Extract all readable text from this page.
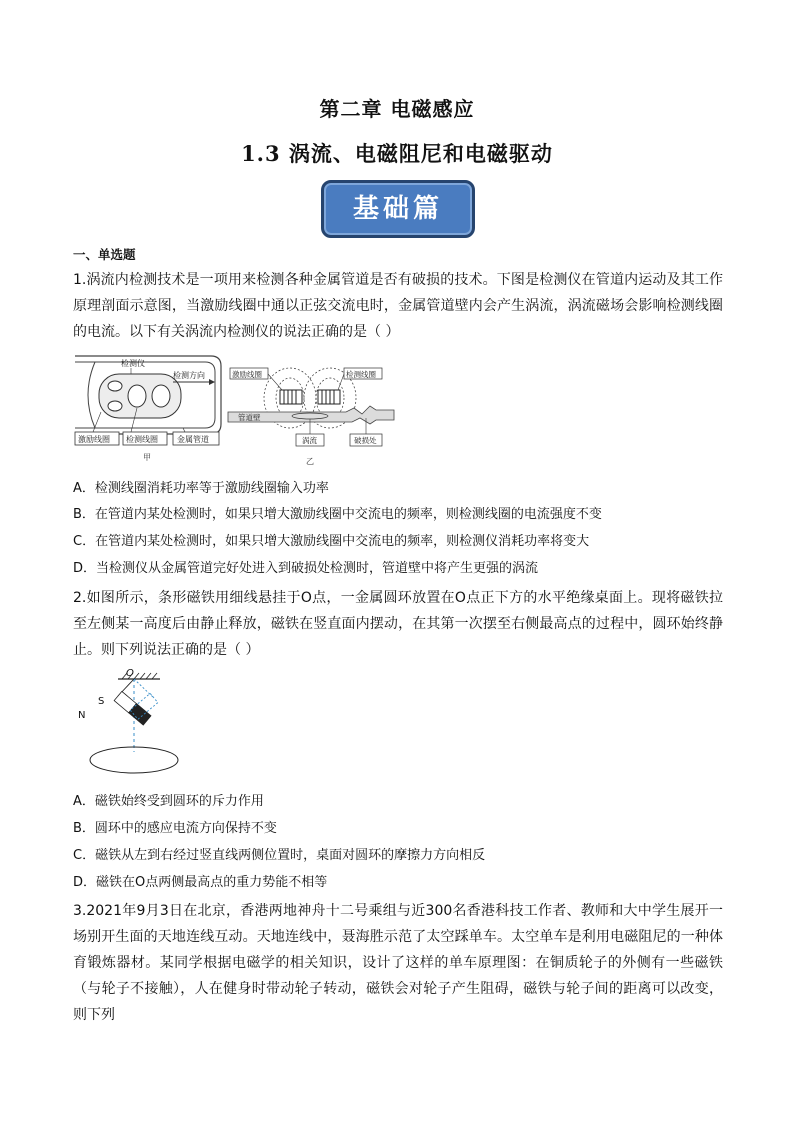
第二章 电磁感应
1.3 涡流、电磁阻尼和电磁驱动
基础篇
一、单选题
1.涡流内检测技术是一项用来检测各种金属管道是否有破损的技术。下图是检测仪在管道内运动及其工作原理剖面示意图，当激励线圈中通以正弦交流电时，金属管道壁内会产生涡流，涡流磁场会影响检测线圈的电流。以下有关涡流内检测仪的说法正确的是（ ）
检测仪
检测方向
激励线圈 检测线圈 金属管道
甲
激励线圈	检测线圈
管道壁
涡流	破损处
乙
A．检测线圈消耗功率等于激励线圈输入功率
B．在管道内某处检测时，如果只增大激励线圈中交流电的频率，则检测线圈的电流强度不变
C．在管道内某处检测时，如果只增大激励线圈中交流电的频率，则检测仪消耗功率将变大
D．当检测仪从金属管道完好处进入到破损处检测时，管道壁中将产生更强的涡流
2.如图所示，条形磁铁用细线悬挂于O点，一金属圆环放置在O点正下方的水平绝缘桌面上。现将磁铁拉至左侧某一高度后由静止释放，磁铁在竖直面内摆动，在其第一次摆至右侧最高点的过程中，圆环始终静止。则下列说法正确的是（ ）
O
S
N
A．磁铁始终受到圆环的斥力作用
B．圆环中的感应电流方向保持不变
C．磁铁从左到右经过竖直线两侧位置时，桌面对圆环的摩擦力方向相反
D．磁铁在O点两侧最高点的重力势能不相等
3.2021年9月3日在北京，香港两地神舟十二号乘组与近300名香港科技工作者、教师和大中学生展开一场别开生面的天地连线互动。天地连线中，聂海胜示范了太空踩单车。太空单车是利用电磁阻尼的一种体育锻炼器材。某同学根据电磁学的相关知识，设计了这样的单车原理图：在铜质轮子的外侧有一些磁铁（与轮子不接触），人在健身时带动轮子转动，磁铁会对轮子产生阻碍，磁铁与轮子间的距离可以改变，则下列
